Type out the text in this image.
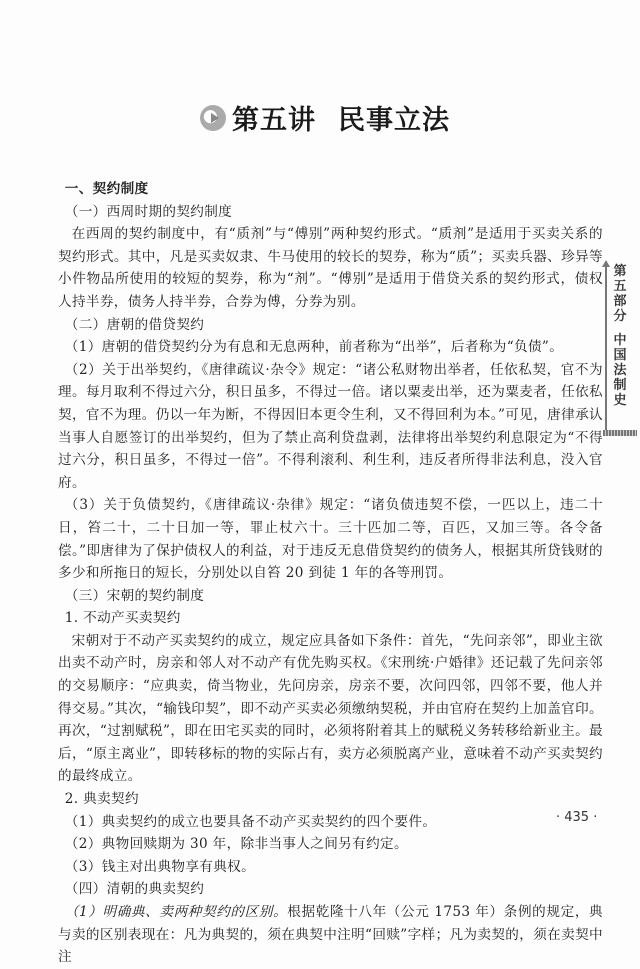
第五讲 民事立法
第
五
部
分
中
国
法
制
史

一、契约制度

（一）西周时期的契约制度

在西周的契约制度中，有“质剂”与“傅别”两种契约形式。“质剂”是适用于买卖关系的契约形式。其中，凡是买卖奴隶、牛马使用的较长的契券，称为“质”；买卖兵器、珍异等小件物品所使用的较短的契券，称为“剂”。“傅别”是适用于借贷关系的契约形式，债权人持半券，债务人持半券，合券为傅，分券为别。

（二）唐朝的借贷契约

（1）唐朝的借贷契约分为有息和无息两种，前者称为“出举”，后者称为“负债”。

（2）关于出举契约，《唐律疏议·杂令》规定：“诸公私财物出举者，任依私契，官不为理。每月取利不得过六分，积日虽多，不得过一倍。诸以粟麦出举，还为粟麦者，任依私契，官不为理。仍以一年为断，不得因旧本更令生利，又不得回利为本。”可见，唐律承认当事人自愿签订的出举契约，但为了禁止高利贷盘剥，法律将出举契约利息限定为“不得过六分，积日虽多，不得过一倍”。不得利滚利、利生利，违反者所得非法利息，没入官府。

（3）关于负债契约，《唐律疏议·杂律》规定：“诸负债违契不偿，一匹以上，违二十日，笞二十，二十日加一等，罪止杖六十。三十匹加二等，百匹，又加三等。各令备偿。”即唐律为了保护债权人的利益，对于违反无息借贷契约的债务人，根据其所贷钱财的多少和所拖日的短长，分别处以自笞 20 到徒 1 年的各等刑罚。

（三）宋朝的契约制度

1. 不动产买卖契约

宋朝对于不动产买卖契约的成立，规定应具备如下条件：首先，“先问亲邻”，即业主欲出卖不动产时，房亲和邻人对不动产有优先购买权。《宋刑统·户婚律》还记载了先问亲邻的交易顺序：“应典卖，倚当物业，先问房亲，房亲不要，次问四邻，四邻不要，他人并得交易。”其次，“输钱印契”，即不动产买卖必须缴纳契税，并由官府在契约上加盖官印。再次，“过割赋税”，即在田宅买卖的同时，必须将附着其上的赋税义务转移给新业主。最后，“原主离业”，即转移标的物的实际占有，卖方必须脱离产业，意味着不动产买卖契约的最终成立。

2. 典卖契约

（1）典卖契约的成立也要具备不动产买卖契约的四个要件。

（2）典物回赎期为 30 年，除非当事人之间另有约定。

（3）钱主对出典物享有典权。

（四）清朝的典卖契约

（1）明确典、卖两种契约的区别。根据乾隆十八年（公元 1753 年）条例的规定，典与卖的区别表现在：凡为典契的，须在典契中注明“回赎”字样；凡为卖契的，须在卖契中注

· 435 ·
